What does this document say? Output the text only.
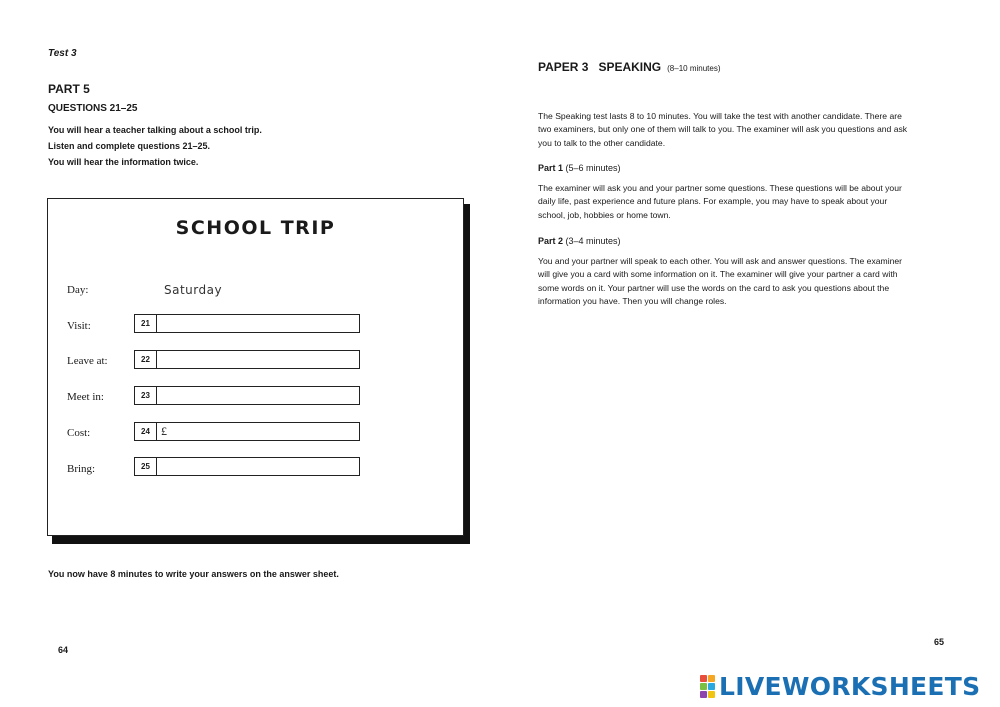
Test 3
PART 5
QUESTIONS 21–25
You will hear a teacher talking about a school trip.
Listen and complete questions 21–25.
You will hear the information twice.
SCHOOL TRIP
Day:	Saturday
Visit:	21
Leave at:	22
Meet in:	23
Cost:	24 £
Bring:	25
You now have 8 minutes to write your answers on the answer sheet.
64
PAPER 3   SPEAKING (8–10 minutes)
The Speaking test lasts 8 to 10 minutes. You will take the test with another candidate. There are two examiners, but only one of them will talk to you. The examiner will ask you questions and ask you to talk to the other candidate.
Part 1 (5–6 minutes)
The examiner will ask you and your partner some questions. These questions will be about your daily life, past experience and future plans. For example, you may have to speak about your school, job, hobbies or home town.
Part 2 (3–4 minutes)
You and your partner will speak to each other. You will ask and answer questions. The examiner will give you a card with some information on it. The examiner will give your partner a card with some words on it. Your partner will use the words on the card to ask you questions about the information you have. Then you will change roles.
65
LIVEWORKSHEETS
